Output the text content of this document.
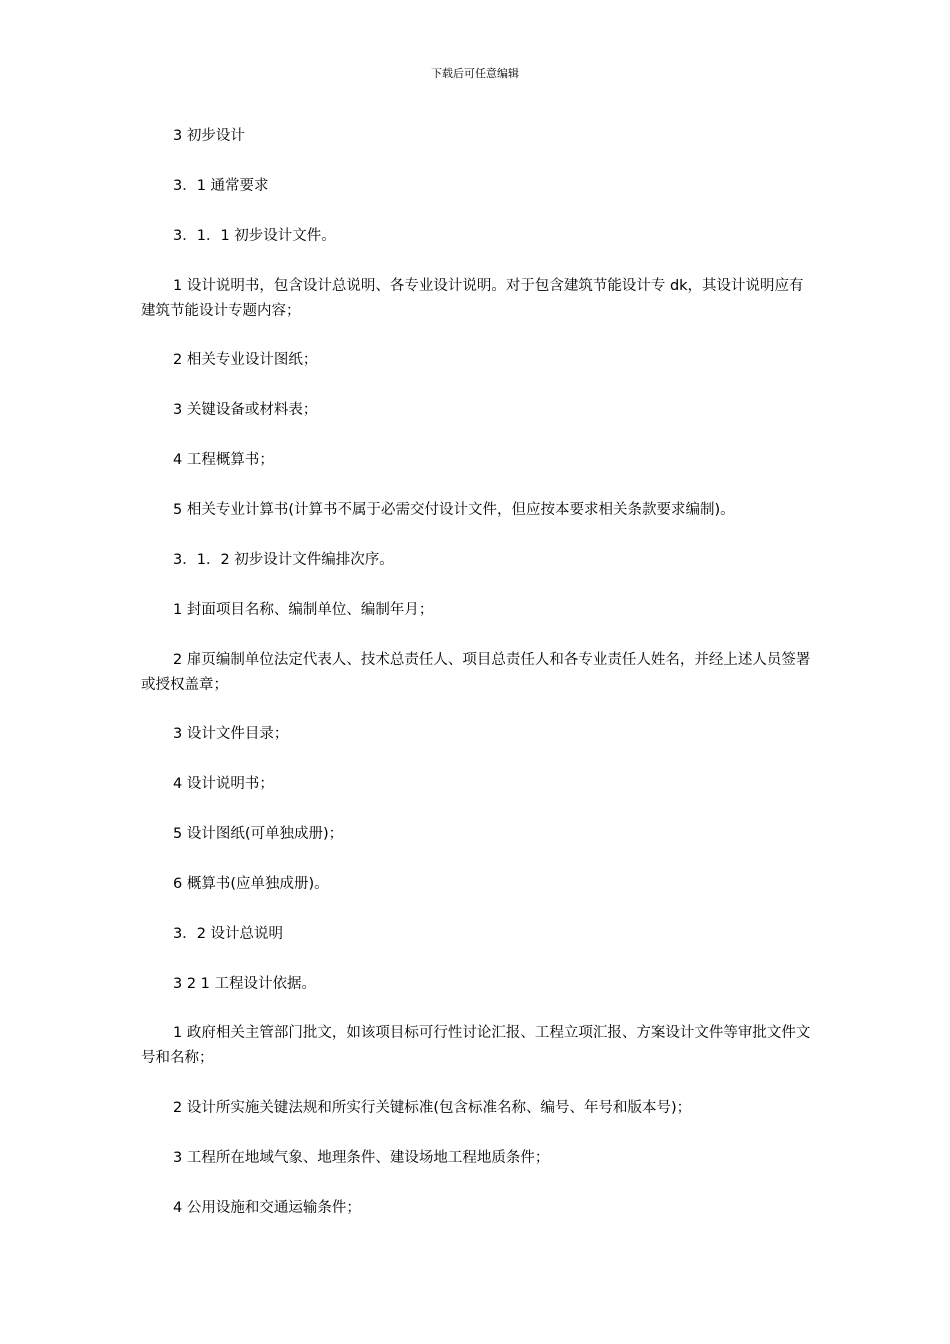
下载后可任意编辑

3 初步设计

3．1 通常要求

3．1．1 初步设计文件。

1 设计说明书，包含设计总说明、各专业设计说明。对于包含建筑节能设计专 dk，其设计说明应有建筑节能设计专题内容；

2 相关专业设计图纸；

3 关键设备或材料表；

4 工程概算书；

5 相关专业计算书(计算书不属于必需交付设计文件，但应按本要求相关条款要求编制)。

3．1．2 初步设计文件编排次序。

1 封面项目名称、编制单位、编制年月；

2 扉页编制单位法定代表人、技术总责任人、项目总责任人和各专业责任人姓名，并经上述人员签署或授权盖章；

3 设计文件目录；

4 设计说明书；

5 设计图纸(可单独成册)；

6 概算书(应单独成册)。

3．2 设计总说明

3 2 1 工程设计依据。

1 政府相关主管部门批文，如该项目标可行性讨论汇报、工程立项汇报、方案设计文件等审批文件文号和名称；

2 设计所实施关键法规和所实行关键标准(包含标准名称、编号、年号和版本号)；

3 工程所在地域气象、地理条件、建设场地工程地质条件；

4 公用设施和交通运输条件；
